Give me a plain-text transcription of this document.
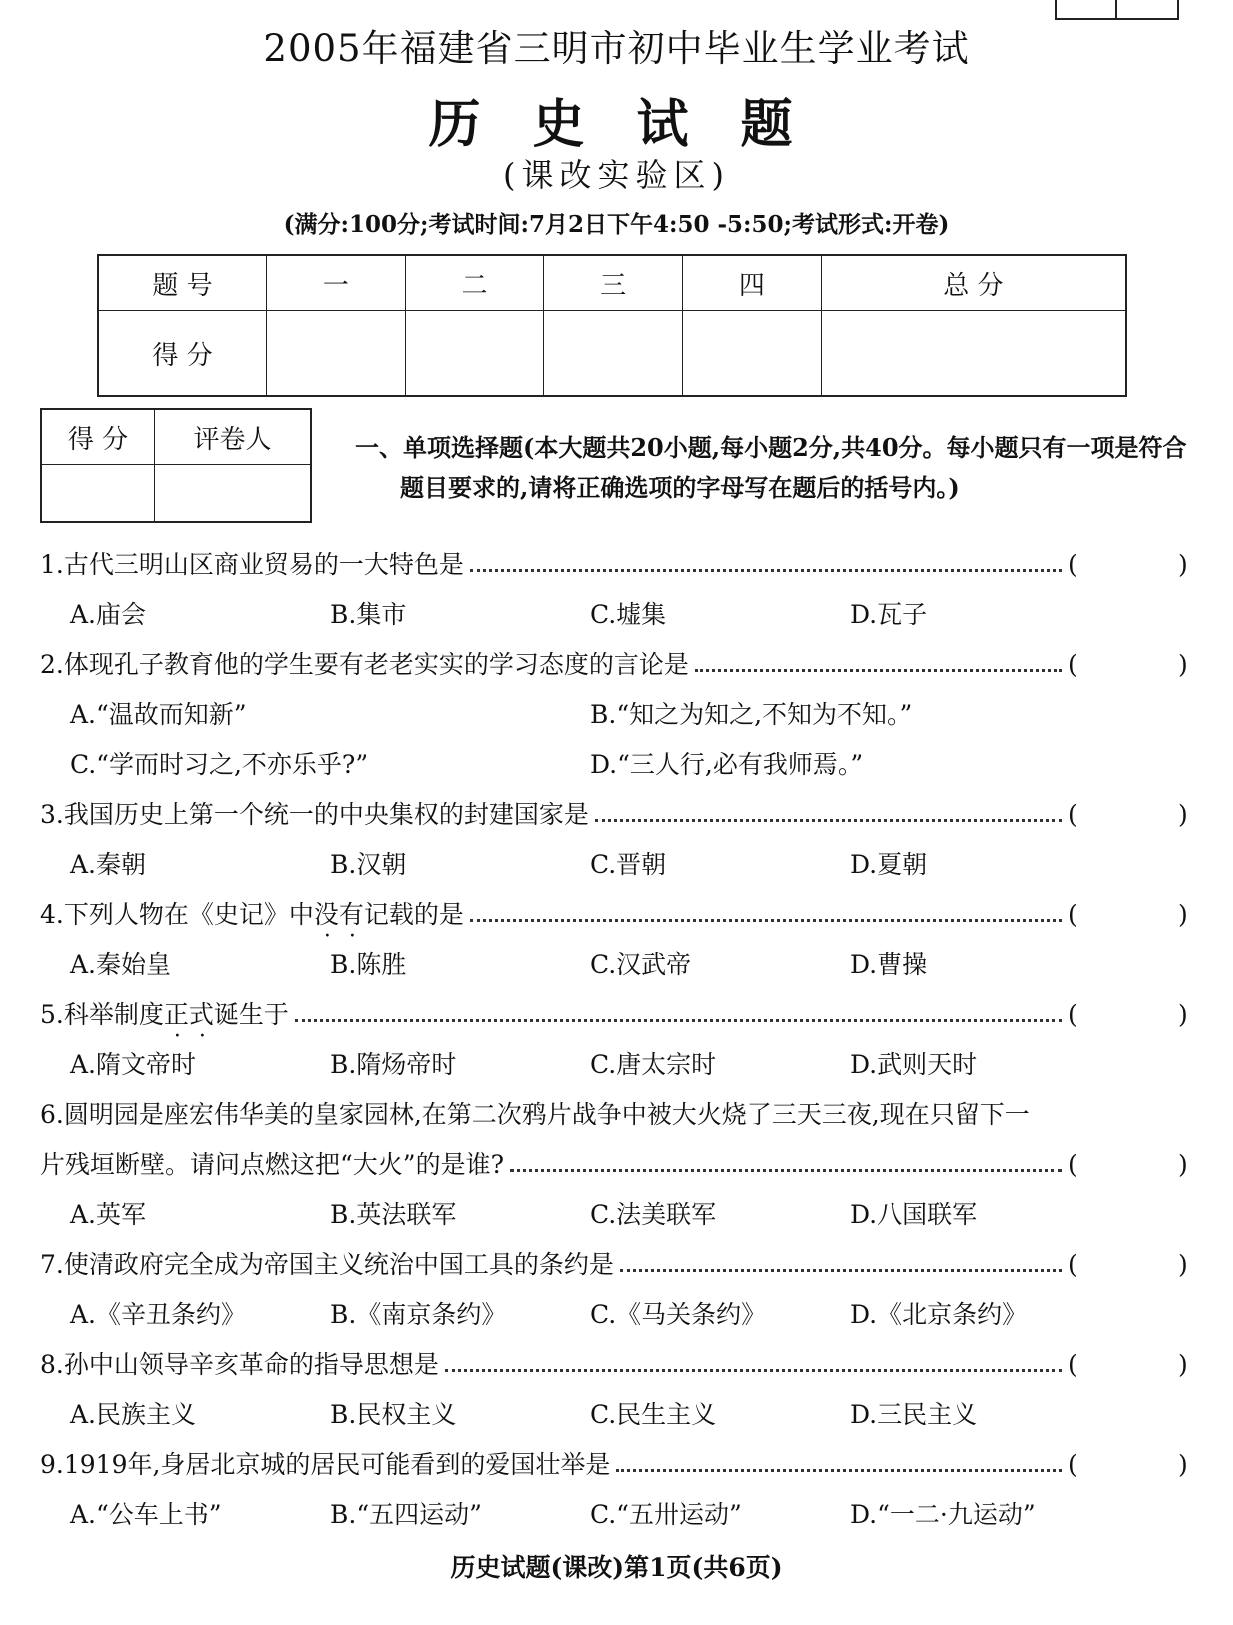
2005年福建省三明市初中毕业生学业考试
历史试题
(课改实验区)
(满分:100分;考试时间:7月2日下午4:50 -5:50;考试形式:开卷)
题 号	一	二	三	四	总 分
得 分					
得 分	评卷人
		一、单项选择题(本大题共20小题,每小题2分,共40分。每小题只有一项是符合题目要求的,请将正确选项的字母写在题后的括号内。)
1.古代三明山区商业贸易的一大特色是	(	)
A.庙会	B.集市	C.墟集	D.瓦子
2.体现孔子教育他的学生要有老老实实的学习态度的言论是	(	)
A.“温故而知新”	B.“知之为知之,不知为不知。”
C.“学而时习之,不亦乐乎?”	D.“三人行,必有我师焉。”
3.我国历史上第一个统一的中央集权的封建国家是	(	)
A.秦朝	B.汉朝	C.晋朝	D.夏朝
4.下列人物在《史记》中没有记载的是	(	)
A.秦始皇	B.陈胜	C.汉武帝	D.曹操
5.科举制度正式诞生于	(	)
A.隋文帝时	B.隋炀帝时	C.唐太宗时	D.武则天时
6.圆明园是座宏伟华美的皇家园林,在第二次鸦片战争中被大火烧了三天三夜,现在只留下一
片残垣断壁。请问点燃这把“大火”的是谁?	(	)
A.英军	B.英法联军	C.法美联军	D.八国联军
7.使清政府完全成为帝国主义统治中国工具的条约是	(	)
A.《辛丑条约》	B.《南京条约》	C.《马关条约》	D.《北京条约》
8.孙中山领导辛亥革命的指导思想是	(	)
A.民族主义	B.民权主义	C.民生主义	D.三民主义
9.1919年,身居北京城的居民可能看到的爱国壮举是	(	)
A.“公车上书”	B.“五四运动”	C.“五卅运动”	D.“一二·九运动”
历史试题(课改)第1页(共6页)
